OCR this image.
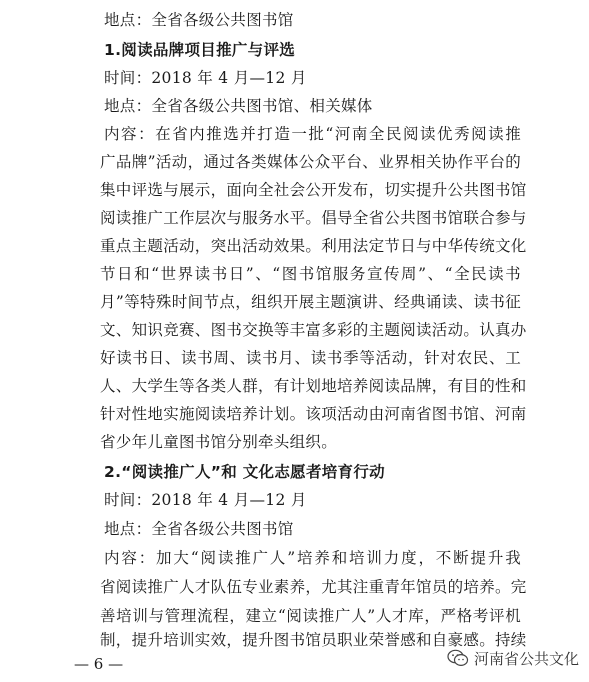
地点：全省各级公共图书馆
1.阅读品牌项目推广与评选
时间：2018 年 4 月—12 月
地点：全省各级公共图书馆、相关媒体
内容：在省内推选并打造一批“河南全民阅读优秀阅读推
广品牌”活动，通过各类媒体公众平台、业界相关协作平台的
集中评选与展示，面向全社会公开发布，切实提升公共图书馆
阅读推广工作层次与服务水平。倡导全省公共图书馆联合参与
重点主题活动，突出活动效果。利用法定节日与中华传统文化
节日和“世界读书日”、“图书馆服务宣传周”、“全民读书
月”等特殊时间节点，组织开展主题演讲、经典诵读、读书征
文、知识竞赛、图书交换等丰富多彩的主题阅读活动。认真办
好读书日、读书周、读书月、读书季等活动，针对农民、工
人、大学生等各类人群，有计划地培养阅读品牌，有目的性和
针对性地实施阅读培养计划。该项活动由河南省图书馆、河南
省少年儿童图书馆分别牵头组织。
2.“阅读推广人”和 文化志愿者培育行动
时间：2018 年 4 月—12 月
地点：全省各级公共图书馆
内容：加大“阅读推广人”培养和培训力度，不断提升我
省阅读推广人才队伍专业素养，尤其注重青年馆员的培养。完
善培训与管理流程，建立“阅读推广人”人才库，严格考评机
制，提升培训实效，提升图书馆员职业荣誉感和自豪感。持续
— 6 —	河南省公共文化
